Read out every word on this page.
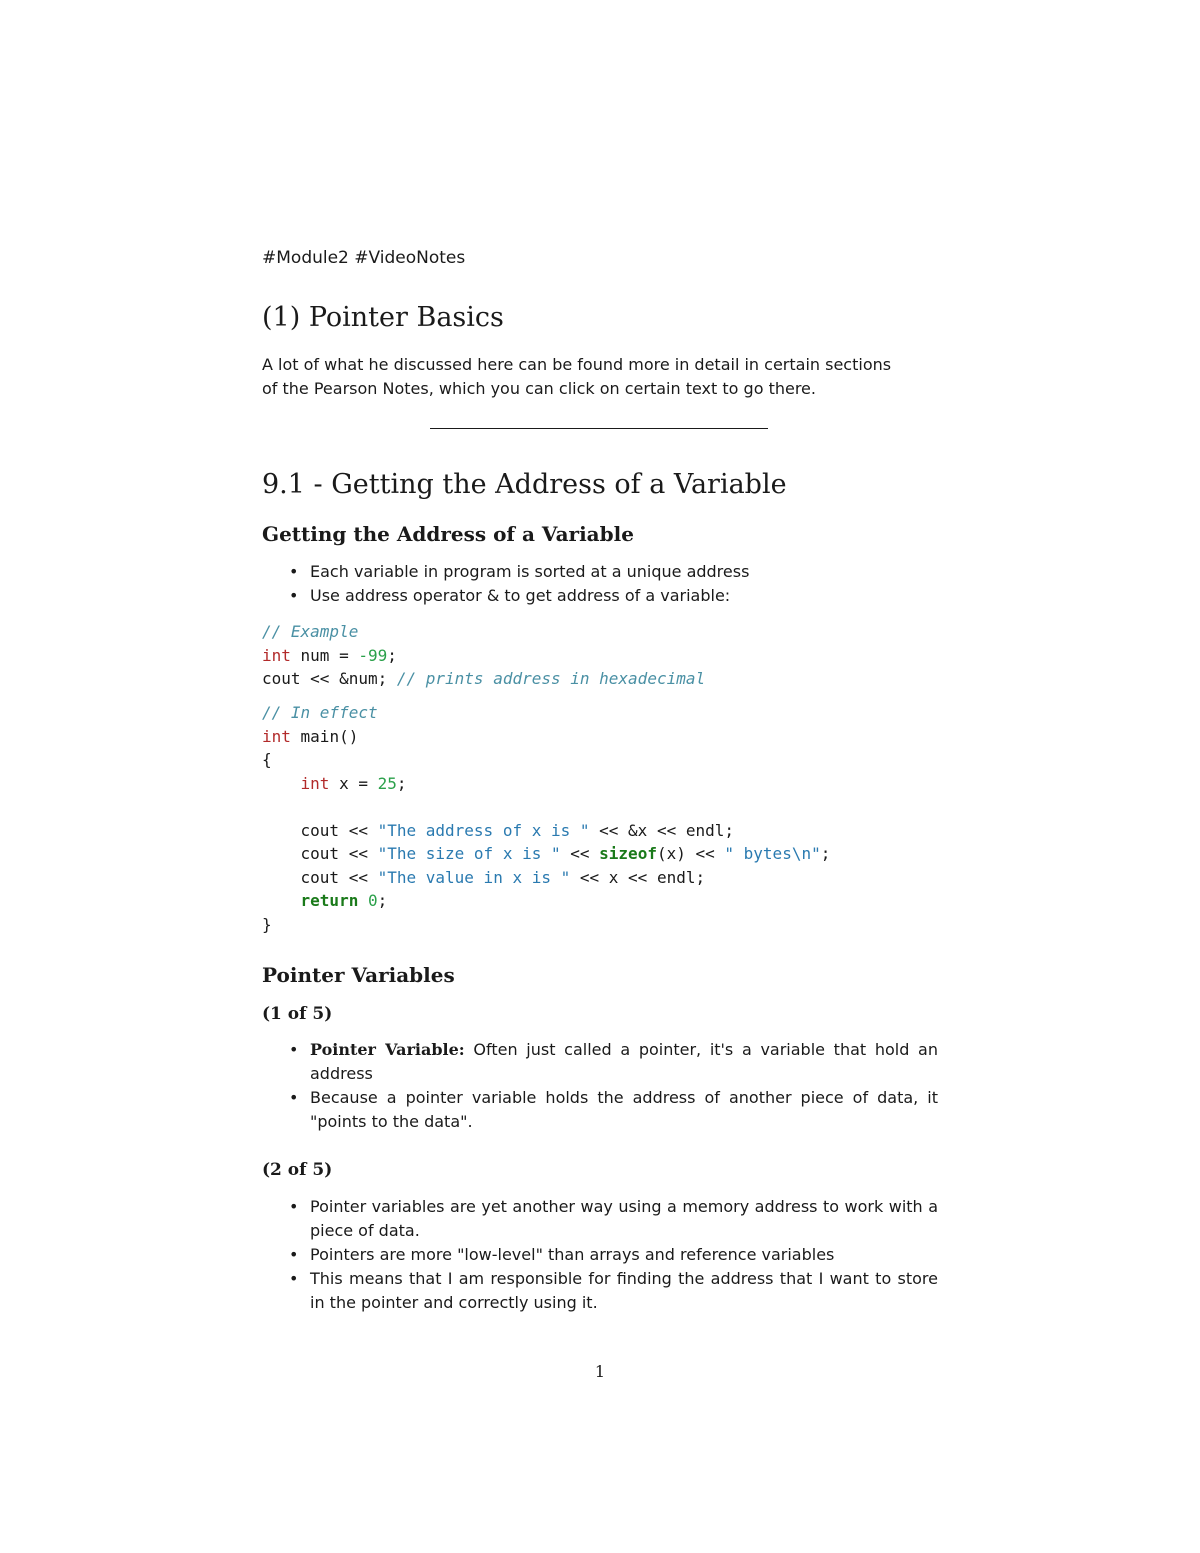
#Module2 #VideoNotes

(1) Pointer Basics

A lot of what he discussed here can be found more in detail in certain sections

of the Pearson Notes, which you can click on certain text to go there.

9.1 - Getting the Address of a Variable
Getting the Address of a Variable
• Each variable in program is sorted at a unique address
• Use address operator & to get address of a variable:
// Example
int num = -99;
cout << &num; // prints address in hexadecimal
// In effect
int main()
{
int x = 25;

cout << "The address of x is " << &x << endl;
cout << "The size of x is " << sizeof(x) << " bytes\n";
cout << "The value in x is " << x << endl;
return 0;
}
Pointer Variables
(1 of 5)
• Pointer Variable: Often just called a pointer, it's a variable that hold an address
• Because a pointer variable holds the address of another piece of data, it "points to the data".
(2 of 5)
• Pointer variables are yet another way using a memory address to work with a piece of data.
• Pointers are more "low-level" than arrays and reference variables
• This means that I am responsible for finding the address that I want to store in the pointer and correctly using it.
1
